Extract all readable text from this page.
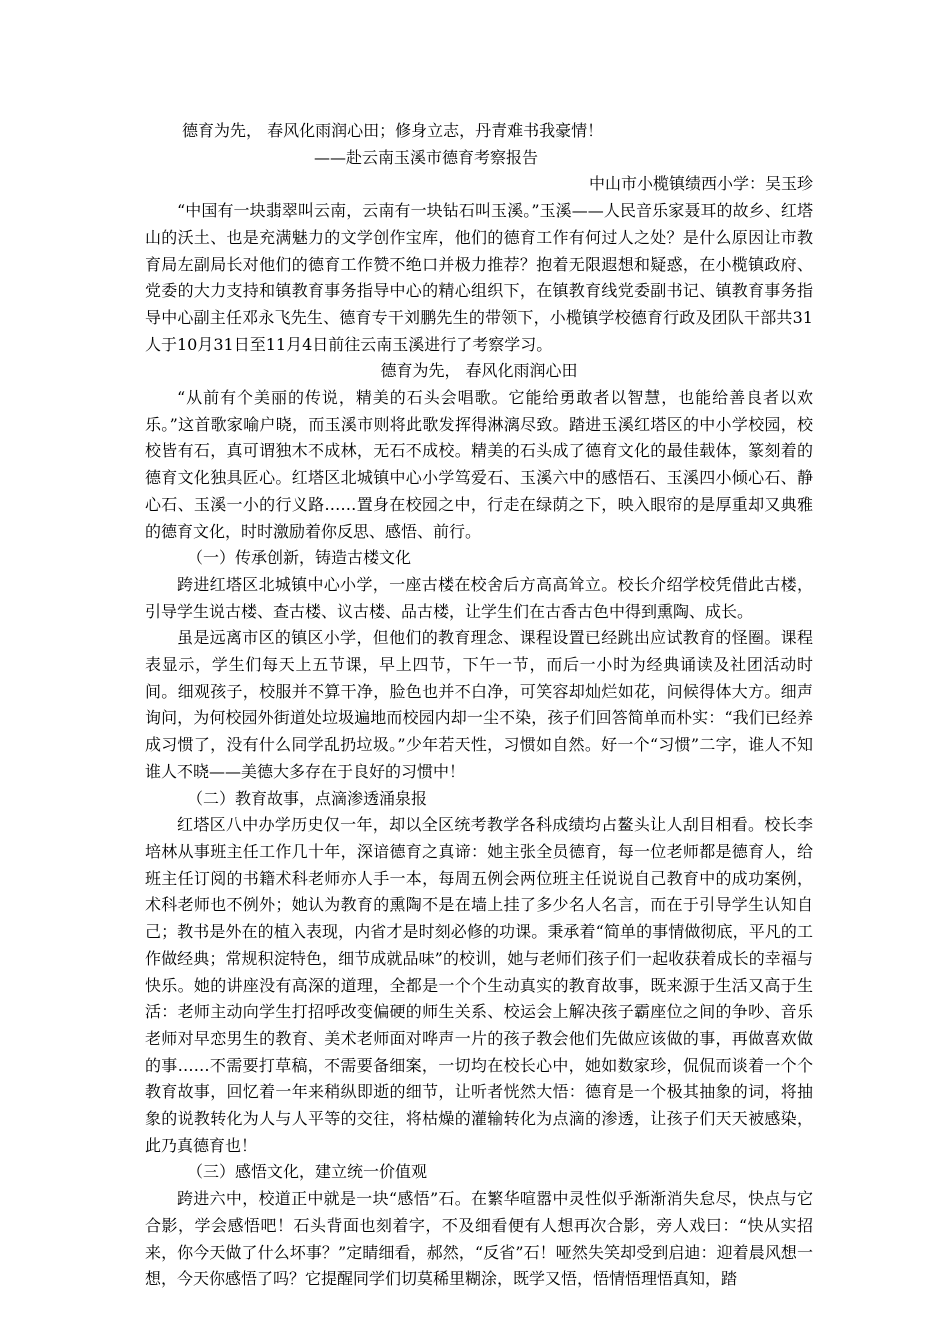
德育为先， 春风化雨润心田；修身立志，丹青难书我豪情！

——赴云南玉溪市德育考察报告

中山市小榄镇绩西小学：吴玉珍

“中国有一块翡翠叫云南，云南有一块钻石叫玉溪。”玉溪——人民音乐家聂耳的故乡、红塔山的沃土、也是充满魅力的文学创作宝库，他们的德育工作有何过人之处？是什么原因让市教育局左副局长对他们的德育工作赞不绝口并极力推荐？抱着无限遐想和疑惑，在小榄镇政府、党委的大力支持和镇教育事务指导中心的精心组织下，在镇教育线党委副书记、镇教育事务指导中心副主任邓永飞先生、德育专干刘鹏先生的带领下，小榄镇学校德育行政及团队干部共31人于10月31日至11月4日前往云南玉溪进行了考察学习。

德育为先， 春风化雨润心田

“从前有个美丽的传说，精美的石头会唱歌。它能给勇敢者以智慧，也能给善良者以欢乐。”这首歌家喻户晓，而玉溪市则将此歌发挥得淋漓尽致。踏进玉溪红塔区的中小学校园，校校皆有石，真可谓独木不成林，无石不成校。精美的石头成了德育文化的最佳载体，篆刻着的德育文化独具匠心。红塔区北城镇中心小学笃爱石、玉溪六中的感悟石、玉溪四小倾心石、静心石、玉溪一小的行义路……置身在校园之中，行走在绿荫之下，映入眼帘的是厚重却又典雅的德育文化，时时激励着你反思、感悟、前行。

（一）传承创新，铸造古楼文化

跨进红塔区北城镇中心小学，一座古楼在校舍后方高高耸立。校长介绍学校凭借此古楼，引导学生说古楼、查古楼、议古楼、品古楼，让学生们在古香古色中得到熏陶、成长。

虽是远离市区的镇区小学，但他们的教育理念、课程设置已经跳出应试教育的怪圈。课程表显示，学生们每天上五节课，早上四节，下午一节，而后一小时为经典诵读及社团活动时间。细观孩子，校服并不算干净，脸色也并不白净，可笑容却灿烂如花，问候得体大方。细声询问，为何校园外街道处垃圾遍地而校园内却一尘不染，孩子们回答简单而朴实：“我们已经养成习惯了，没有什么同学乱扔垃圾。”少年若天性，习惯如自然。好一个“习惯”二字，谁人不知谁人不晓——美德大多存在于良好的习惯中！

（二）教育故事，点滴渗透涌泉报

红塔区八中办学历史仅一年，却以全区统考教学各科成绩均占鳌头让人刮目相看。校长李培林从事班主任工作几十年，深谙德育之真谛：她主张全员德育，每一位老师都是德育人，给班主任订阅的书籍术科老师亦人手一本，每周五例会两位班主任说说自己教育中的成功案例，术科老师也不例外；她认为教育的熏陶不是在墙上挂了多少名人名言，而在于引导学生认知自己；教书是外在的植入表现，内省才是时刻必修的功课。秉承着“简单的事情做彻底，平凡的工作做经典；常规积淀特色，细节成就品味”的校训，她与老师们孩子们一起收获着成长的幸福与快乐。她的讲座没有高深的道理，全都是一个个生动真实的教育故事，既来源于生活又高于生活：老师主动向学生打招呼改变偏硬的师生关系、校运会上解决孩子霸座位之间的争吵、音乐老师对早恋男生的教育、美术老师面对哗声一片的孩子教会他们先做应该做的事，再做喜欢做的事……不需要打草稿，不需要备细案，一切均在校长心中，她如数家珍，侃侃而谈着一个个教育故事，回忆着一年来稍纵即逝的细节，让听者恍然大悟：德育是一个极其抽象的词，将抽象的说教转化为人与人平等的交往，将枯燥的灌输转化为点滴的渗透，让孩子们天天被感染，此乃真德育也！

（三）感悟文化，建立统一价值观

跨进六中，校道正中就是一块“感悟”石。在繁华喧嚣中灵性似乎渐渐消失怠尽，快点与它合影，学会感悟吧！石头背面也刻着字，不及细看便有人想再次合影，旁人戏曰：“快从实招来，你今天做了什么坏事？”定睛细看，郝然，“反省”石！哑然失笑却受到启迪：迎着晨风想一想，今天你感悟了吗？它提醒同学们切莫稀里糊涂，既学又悟，悟情悟理悟真知，踏
